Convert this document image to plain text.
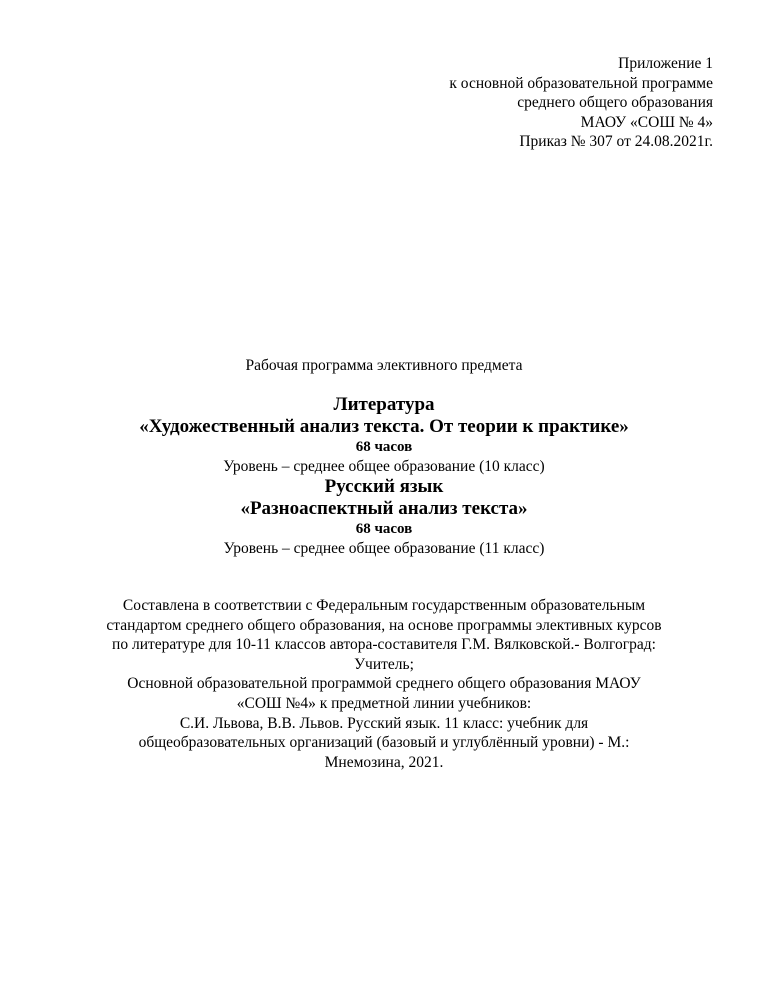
Приложение 1
к основной образовательной программе
среднего общего образования
МАОУ «СОШ № 4»
Приказ № 307 от 24.08.2021г.
Рабочая программа элективного предмета
Литература
«Художественный анализ текста. От теории к практике»
68 часов
Уровень – среднее общее образование (10 класс)
Русский язык
«Разноаспектный анализ текста»
68 часов
Уровень – среднее общее образование (11 класс)
Составлена в соответствии с Федеральным государственным образовательным
стандартом среднего общего образования, на основе программы элективных курсов
по литературе для 10-11 классов автора-составителя Г.М. Вялковской.- Волгоград:
Учитель;
Основной образовательной программой среднего общего образования МАОУ
«СОШ №4» к предметной линии учебников:
С.И. Львова, В.В. Львов. Русский язык. 11 класс: учебник для
общеобразовательных организаций (базовый и углублённый уровни) - М.:
Мнемозина, 2021.
